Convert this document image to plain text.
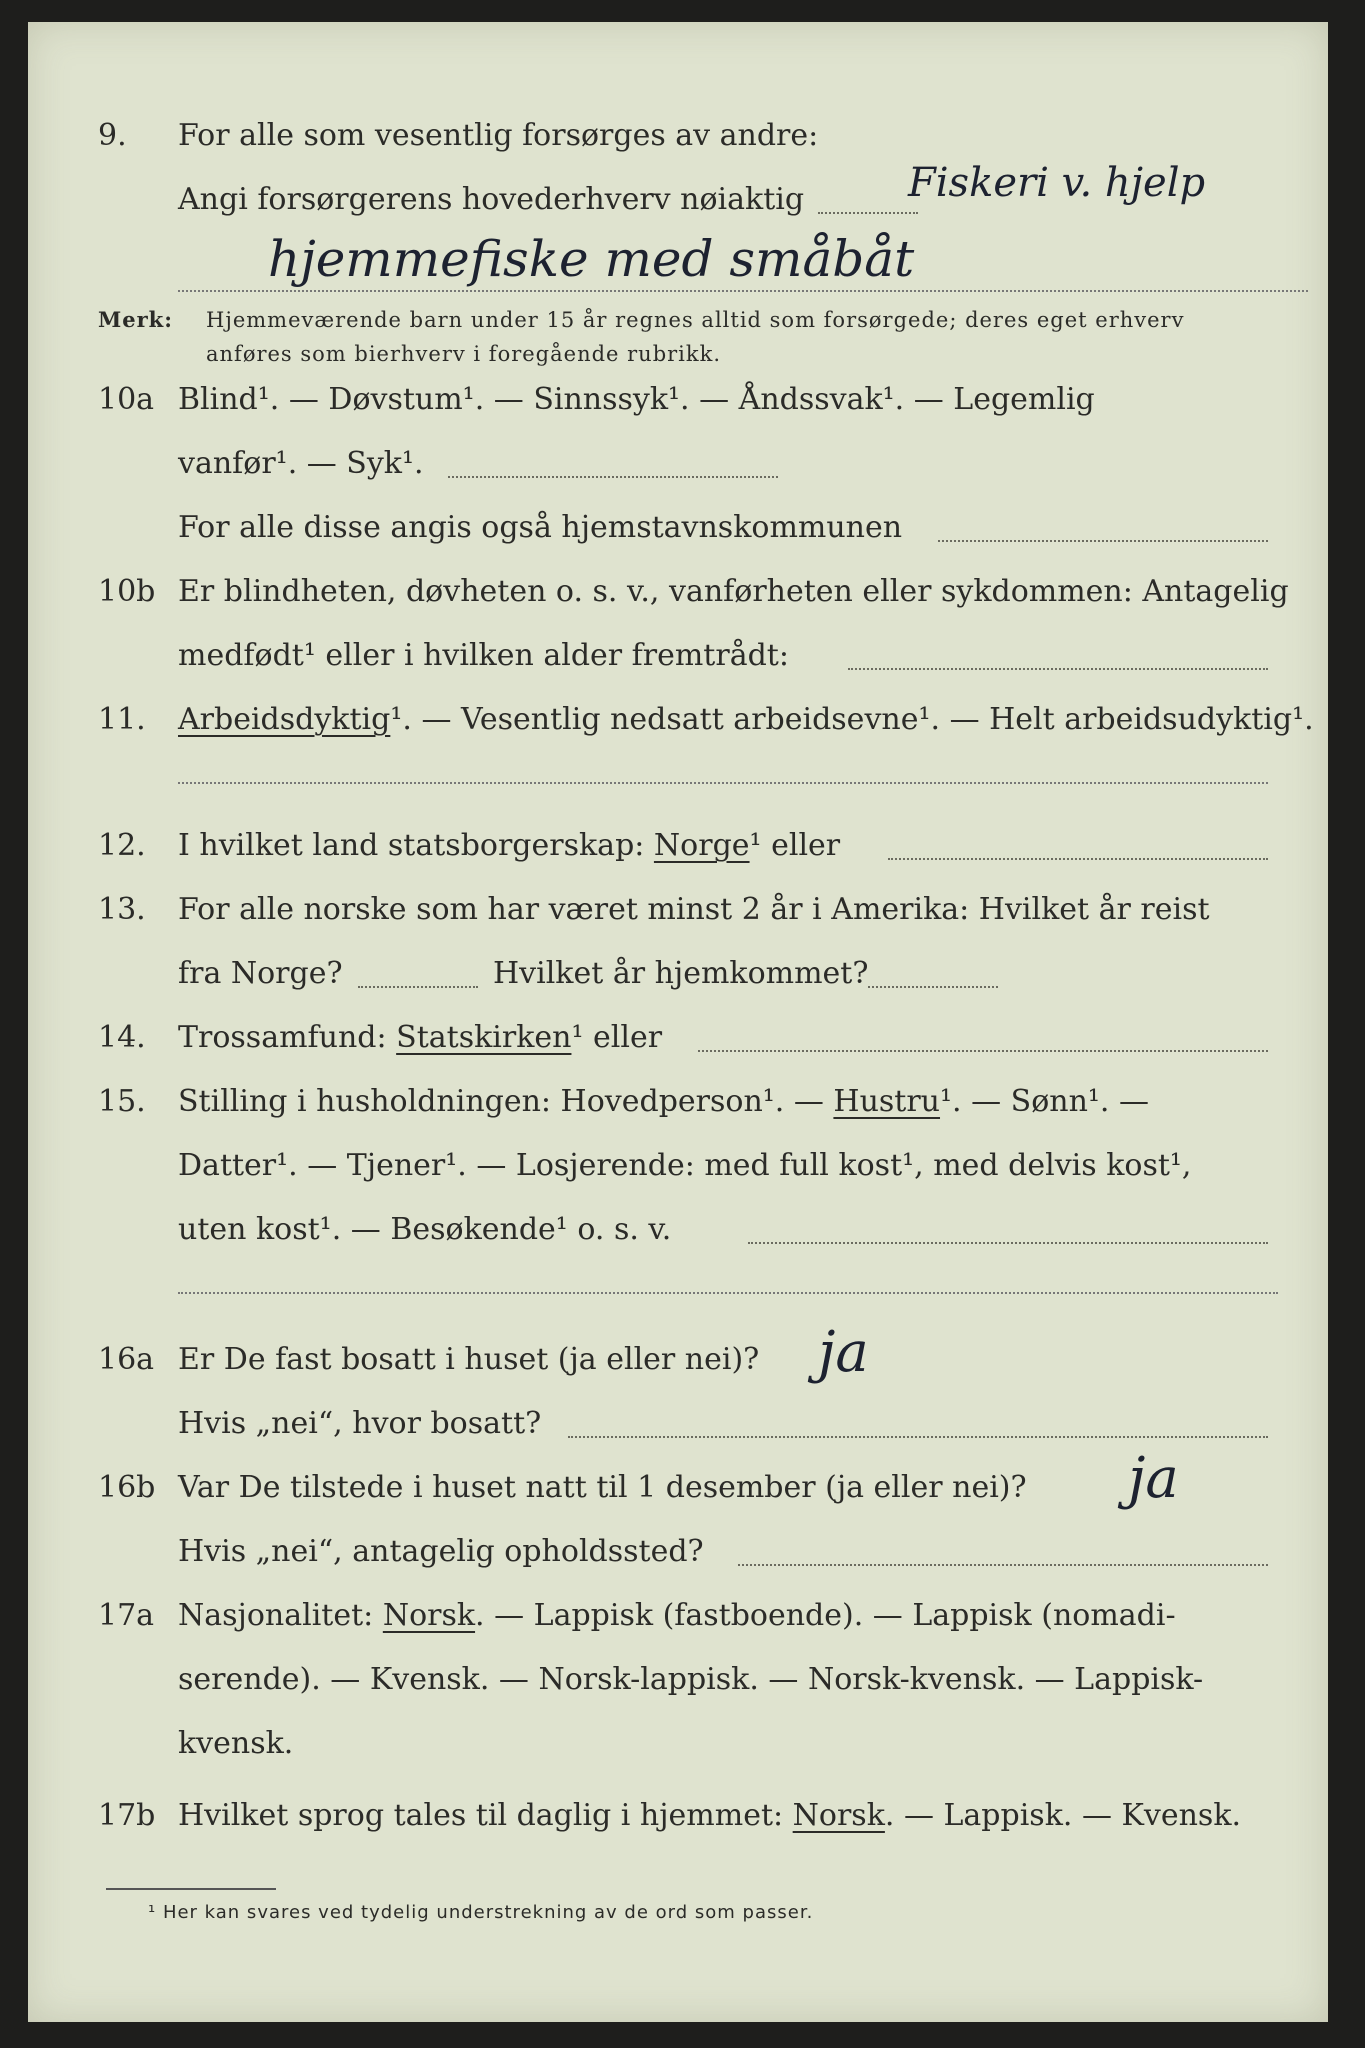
9. For alle som vesentlig forsørges av andre:
Angi forsørgerens hovederhverv nøiaktig	Fiskeri v. hjelp
hjemmefiske med småbåt
Merk: Hjemmeværende barn under 15 år regnes alltid som forsørgede; deres eget erhverv
anføres som bierhverv i foregående rubrikk.
10a Blind¹. — Døvstum¹. — Sinnssyk¹. — Åndssvak¹. — Legemlig
vanfør¹. — Syk¹.
For alle disse angis også hjemstavnskommunen
10b Er blindheten, døvheten o. s. v., vanførheten eller sykdommen: Antagelig
medfødt¹ eller i hvilken alder fremtrådt:
11. Arbeidsdyktig¹. — Vesentlig nedsatt arbeidsevne¹. — Helt arbeidsudyktig¹.
12. I hvilket land statsborgerskap: Norge¹ eller
13. For alle norske som har været minst 2 år i Amerika: Hvilket år reist
fra Norge?	Hvilket år hjemkommet?
14. Trossamfund: Statskirken¹ eller
15. Stilling i husholdningen: Hovedperson¹. — Hustru¹. — Sønn¹. —
Datter¹. — Tjener¹. — Losjerende: med full kost¹, med delvis kost¹,
uten kost¹. — Besøkende¹ o. s. v.
16a Er De fast bosatt i huset (ja eller nei)? ja
Hvis „nei“, hvor bosatt?
16b Var De tilstede i huset natt til 1 desember (ja eller nei)? ja
Hvis „nei“, antagelig opholdssted?
17a Nasjonalitet: Norsk. — Lappisk (fastboende). — Lappisk (nomadi-
serende). — Kvensk. — Norsk-lappisk. — Norsk-kvensk. — Lappisk-
kvensk.
17b Hvilket sprog tales til daglig i hjemmet: Norsk. — Lappisk. — Kvensk.
¹ Her kan svares ved tydelig understrekning av de ord som passer.
